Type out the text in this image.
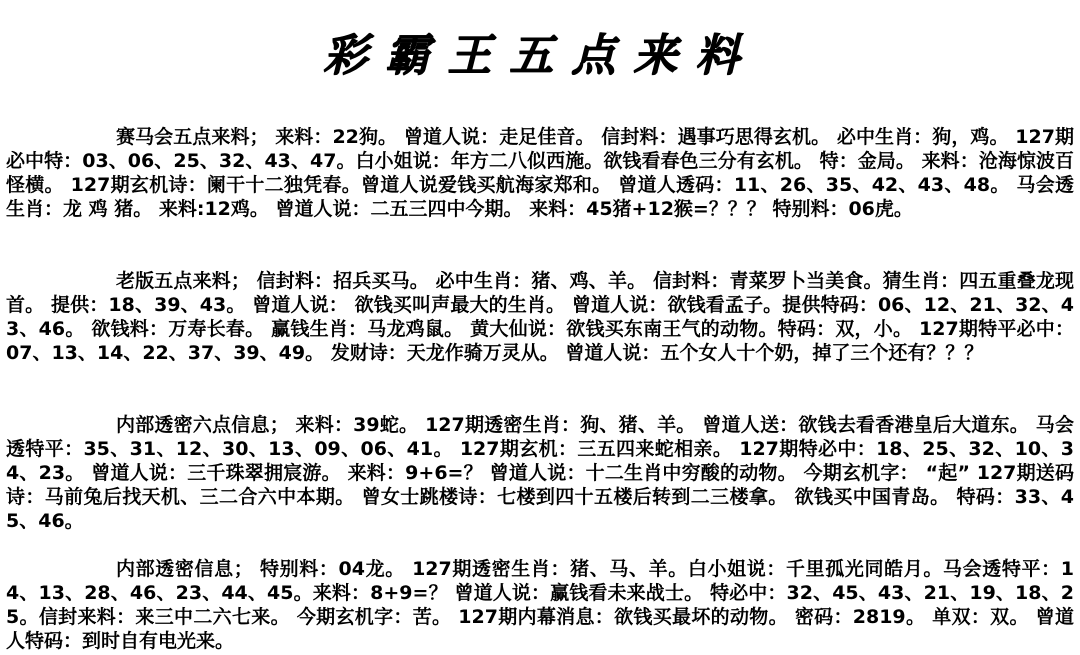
彩霸王五点来料

赛马会五点来料； 来料：22狗。 曾道人说：走足佳音。 信封料：遇事巧思得玄机。 必中生肖：狗，鸡。 127期必中特：03、06、25、32、43、47。白小姐说：年方二八似西施。欲钱看春色三分有玄机。 特：金局。 来料：沧海惊波百怪横。 127期玄机诗：阑干十二独凭春。曾道人说爱钱买航海家郑和。 曾道人透码：11、26、35、42、43、48。 马会透生肖：龙 鸡 猪。 来料:12鸡。 曾道人说：二五三四中今期。 来料：45猪+12猴=？？？ 特别料：06虎。

老版五点来料； 信封料：招兵买马。 必中生肖：猪、鸡、羊。 信封料：青菜罗卜当美食。猜生肖：四五重叠龙现首。 提供：18、39、43。 曾道人说： 欲钱买叫声最大的生肖。 曾道人说：欲钱看孟子。提供特码：06、12、21、32、43、46。 欲钱料：万寿长春。 赢钱生肖：马龙鸡鼠。 黄大仙说：欲钱买东南王气的动物。特码：双，小。 127期特平必中：07、13、14、22、37、39、49。 发财诗：天龙作骑万灵从。 曾道人说：五个女人十个奶，掉了三个还有？？？

内部透密六点信息； 来料：39蛇。 127期透密生肖：狗、猪、羊。 曾道人送：欲钱去看香港皇后大道东。 马会透特平：35、31、12、30、13、09、06、41。 127期玄机：三五四来蛇相亲。 127期特必中：18、25、32、10、34、23。 曾道人说：三千珠翠拥宸游。 来料：9+6=？ 曾道人说：十二生肖中穷酸的动物。 今期玄机字： “起” 127期送码诗：马前兔后找天机、三二合六中本期。 曾女士跳楼诗：七楼到四十五楼后转到二三楼拿。 欲钱买中国青岛。 特码：33、45、46。

内部透密信息； 特别料：04龙。 127期透密生肖：猪、马、羊。白小姐说：千里孤光同皓月。马会透特平：14、13、28、46、23、44、45。来料：8+9=？ 曾道人说：赢钱看未来战士。 特必中：32、45、43、21、19、18、25。信封来料：来三中二六七来。 今期玄机字：苦。 127期内幕消息：欲钱买最坏的动物。 密码：2819。 单双：双。 曾道人特码：到时自有电光来。
